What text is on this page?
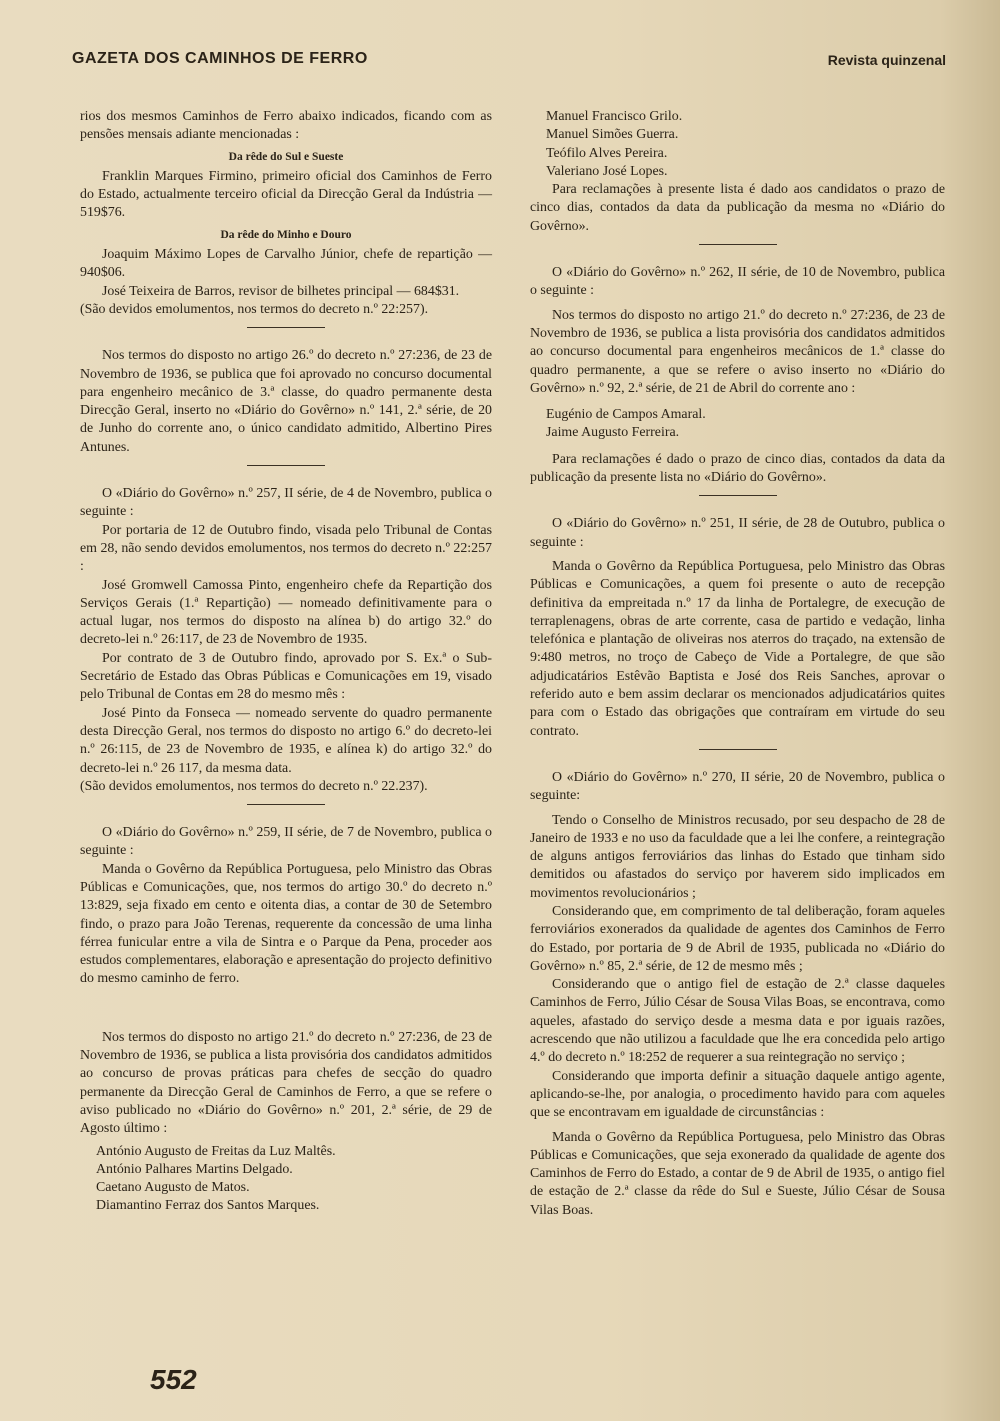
GAZETA DOS CAMINHOS DE FERRO	Revista quinzenal

rios dos mesmos Caminhos de Ferro abaixo indicados, ficando com as pensões mensais adiante mencionadas :

Da rêde do Sul e Sueste

Franklin Marques Firmino, primeiro oficial dos Caminhos de Ferro do Estado, actualmente terceiro oficial da Direcção Geral da Indústria — 519$76.

Da rêde do Minho e Douro

Joaquim Máximo Lopes de Carvalho Júnior, chefe de repartição — 940$06.

José Teixeira de Barros, revisor de bilhetes principal — 684$31.

(São devidos emolumentos, nos termos do decreto n.º 22:257).

Nos termos do disposto no artigo 26.º do decreto n.º 27:236, de 23 de Novembro de 1936, se publica que foi aprovado no concurso documental para engenheiro mecânico de 3.ª classe, do quadro permanente desta Direcção Geral, inserto no «Diário do Govêrno» n.º 141, 2.ª série, de 20 de Junho do corrente ano, o único candidato admitido, Albertino Pires Antunes.

O «Diário do Govêrno» n.º 257, II série, de 4 de Novembro, publica o seguinte :

Por portaria de 12 de Outubro findo, visada pelo Tribunal de Contas em 28, não sendo devidos emolumentos, nos termos do decreto n.º 22:257 :

José Gromwell Camossa Pinto, engenheiro chefe da Repartição dos Serviços Gerais (1.ª Repartição) — nomeado definitivamente para o actual lugar, nos termos do disposto na alínea b) do artigo 32.º do decreto-lei n.º 26:117, de 23 de Novembro de 1935.

Por contrato de 3 de Outubro findo, aprovado por S. Ex.ª o Sub-Secretário de Estado das Obras Públicas e Comunicações em 19, visado pelo Tribunal de Contas em 28 do mesmo mês :

José Pinto da Fonseca — nomeado servente do quadro permanente desta Direcção Geral, nos termos do disposto no artigo 6.º do decreto-lei n.º 26:115, de 23 de Novembro de 1935, e alínea k) do artigo 32.º do decreto-lei n.º 26 117, da mesma data.

(São devidos emolumentos, nos termos do decreto n.º 22.237).

O «Diário do Govêrno» n.º 259, II série, de 7 de Novembro, publica o seguinte :

Manda o Govêrno da República Portuguesa, pelo Ministro das Obras Públicas e Comunicações, que, nos termos do artigo 30.º do decreto n.º 13:829, seja fixado em cento e oitenta dias, a contar de 30 de Setembro findo, o prazo para João Terenas, requerente da concessão de uma linha férrea funicular entre a vila de Sintra e o Parque da Pena, proceder aos estudos complementares, elaboração e apresentação do projecto definitivo do mesmo caminho de ferro.

Nos termos do disposto no artigo 21.º do decreto n.º 27:236, de 23 de Novembro de 1936, se publica a lista provisória dos candidatos admitidos ao concurso de provas práticas para chefes de secção do quadro permanente da Direcção Geral de Caminhos de Ferro, a que se refere o aviso publicado no «Diário do Govêrno» n.º 201, 2.ª série, de 29 de Agosto último :

António Augusto de Freitas da Luz Maltês.

António Palhares Martins Delgado.

Caetano Augusto de Matos.

Diamantino Ferraz dos Santos Marques.

Manuel Francisco Grilo.

Manuel Simões Guerra.

Teófilo Alves Pereira.

Valeriano José Lopes.

Para reclamações à presente lista é dado aos candidatos o prazo de cinco dias, contados da data da publicação da mesma no «Diário do Govêrno».

O «Diário do Govêrno» n.º 262, II série, de 10 de Novembro, publica o seguinte :

Nos termos do disposto no artigo 21.º do decreto n.º 27:236, de 23 de Novembro de 1936, se publica a lista provisória dos candidatos admitidos ao concurso documental para engenheiros mecânicos de 1.ª classe do quadro permanente, a que se refere o aviso inserto no «Diário do Govêrno» n.º 92, 2.ª série, de 21 de Abril do corrente ano :

Eugénio de Campos Amaral.

Jaime Augusto Ferreira.

Para reclamações é dado o prazo de cinco dias, contados da data da publicação da presente lista no «Diário do Govêrno».

O «Diário do Govêrno» n.º 251, II série, de 28 de Outubro, publica o seguinte :

Manda o Govêrno da República Portuguesa, pelo Ministro das Obras Públicas e Comunicações, a quem foi presente o auto de recepção definitiva da empreitada n.º 17 da linha de Portalegre, de execução de terraplenagens, obras de arte corrente, casa de partido e vedação, linha telefónica e plantação de oliveiras nos aterros do traçado, na extensão de 9:480 metros, no troço de Cabeço de Vide a Portalegre, de que são adjudicatários Estêvão Baptista e José dos Reis Sanches, aprovar o referido auto e bem assim declarar os mencionados adjudicatários quites para com o Estado das obrigações que contraíram em virtude do seu contrato.

O «Diário do Govêrno» n.º 270, II série, 20 de Novembro, publica o seguinte:

Tendo o Conselho de Ministros recusado, por seu despacho de 28 de Janeiro de 1933 e no uso da faculdade que a lei lhe confere, a reintegração de alguns antigos ferroviários das linhas do Estado que tinham sido demitidos ou afastados do serviço por haverem sido implicados em movimentos revolucionários ;

Considerando que, em comprimento de tal deliberação, foram aqueles ferroviários exonerados da qualidade de agentes dos Caminhos de Ferro do Estado, por portaria de 9 de Abril de 1935, publicada no «Diário do Govêrno» n.º 85, 2.ª série, de 12 de mesmo mês ;

Considerando que o antigo fiel de estação de 2.ª classe daqueles Caminhos de Ferro, Júlio César de Sousa Vilas Boas, se encontrava, como aqueles, afastado do serviço desde a mesma data e por iguais razões, acrescendo que não utilizou a faculdade que lhe era concedida pelo artigo 4.º do decreto n.º 18:252 de requerer a sua reintegração no serviço ;

Considerando que importa definir a situação daquele antigo agente, aplicando-se-lhe, por analogia, o procedimento havido para com aqueles que se encontravam em igualdade de circunstâncias :

Manda o Govêrno da República Portuguesa, pelo Ministro das Obras Públicas e Comunicações, que seja exonerado da qualidade de agente dos Caminhos de Ferro do Estado, a contar de 9 de Abril de 1935, o antigo fiel de estação de 2.ª classe da rêde do Sul e Sueste, Júlio César de Sousa Vilas Boas.

552
